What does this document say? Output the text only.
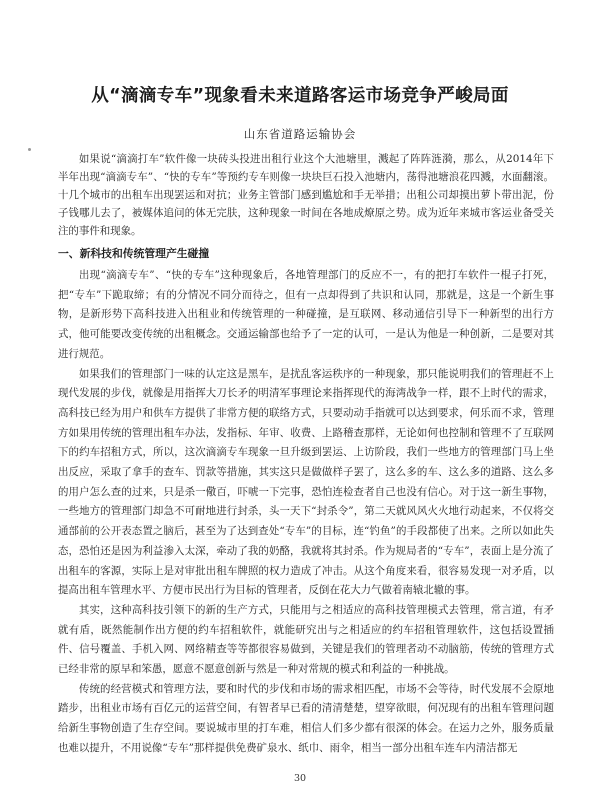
从“滴滴专车”现象看未来道路客运市场竞争严峻局面
山东省道路运输协会

如果说“滴滴打车”软件像一块砖头投进出租行业这个大池塘里，溅起了阵阵涟漪，那么，从2014年下半年出现“滴滴专车”、“快的专车”等预约专车则像一块块巨石投入池塘内，荡得池塘浪花四溅，水面翻滚。十几个城市的出租车出现罢运和对抗；业务主管部门感到尴尬和手无举措；出租公司却摸出萝卜带出泥，份子钱哪儿去了，被媒体追问的体无完肤，这种现象一时间在各地成燎原之势。成为近年来城市客运业备受关注的事件和现象。

一、新科技和传统管理产生碰撞

出现“滴滴专车”、“快的专车”这种现象后，各地管理部门的反应不一，有的把打车软件一棍子打死，把“专车”下跪取缔；有的分情况不同分而待之，但有一点却得到了共识和认同，那就是，这是一个新生事物，是新形势下高科技进入出租业和传统管理的一种碰撞，是互联网、移动通信引导下一种新型的出行方式，他可能要改变传统的出租概念。交通运输部也给予了一定的认可，一是认为他是一种创新，二是要对其进行规范。

如果我们的管理部门一味的认定这是黑车，是扰乱客运秩序的一种现象，那只能说明我们的管理赶不上现代发展的步伐，就像是用指挥大刀长矛的明清军事理论来指挥现代的海湾战争一样，跟不上时代的需求，高科技已经为用户和供车方提供了非常方便的联络方式，只要动动手指就可以达到要求，何乐而不求，管理方如果用传统的管理出租车办法，发指标、年审、收费、上路稽查那样，无论如何也控制和管理不了互联网下的约车招租方式，所以，这次滴滴专车现象一旦升级到罢运、上访阶段，我们一些地方的管理部门马上坐出反应，采取了拿手的查车、罚款等措施，其实这只是做做样子罢了，这么多的车、这么多的道路、这么多的用户怎么查的过来，只是杀一儆百，吓唬一下完事，恐怕连检查者自己也没有信心。对于这一新生事物，一些地方的管理部门却急不可耐地进行封杀，头一天下“封杀令”，第二天就风风火火地行动起来，不仅将交通部前的公开表态置之脑后，甚至为了达到查处“专车”的目标，连“钓鱼”的手段都使了出来。之所以如此失态，恐怕还是因为利益渗入太深，牵动了我的奶酪，我就将其封杀。作为规局者的“专车”，表面上是分流了出租车的客源，实际上是对审批出租车牌照的权力造成了冲击。从这个角度来看，很容易发现一对矛盾，以提高出租车管理水平、方便市民出行为目标的管理者，反倒在花大力气做着南辕北辙的事。

其实，这种高科技引领下的新的生产方式，只能用与之相适应的高科技管理模式去管理，常言道，有矛就有盾，既然能制作出方便的约车招租软件，就能研究出与之相适应的约车招租管理软件，这包括设置插件、信号覆盖、手机入网、网络精查等等都很容易做到，关键是我们的管理者动不动脑筋，传统的管理方式已经非常的原早和笨愚，愿意不愿意创新与然是一种对常规的模式和利益的一种挑战。

传统的经营模式和管理方法，要和时代的步伐和市场的需求相匹配，市场不会等待，时代发展不会原地踏步，出租业市场有百亿元的运营空间，有智者早已看的清清楚楚，望穿欲眼，何况现有的出租车管理问题给新生事物创造了生存空间。要说城市里的打车难，相信人们多少都有很深的体会。在运力之外，服务质量也难以提升，不用说像“专车”那样提供免费矿泉水、纸巾、雨伞，相当一部分出租车连车内清洁都无

30
